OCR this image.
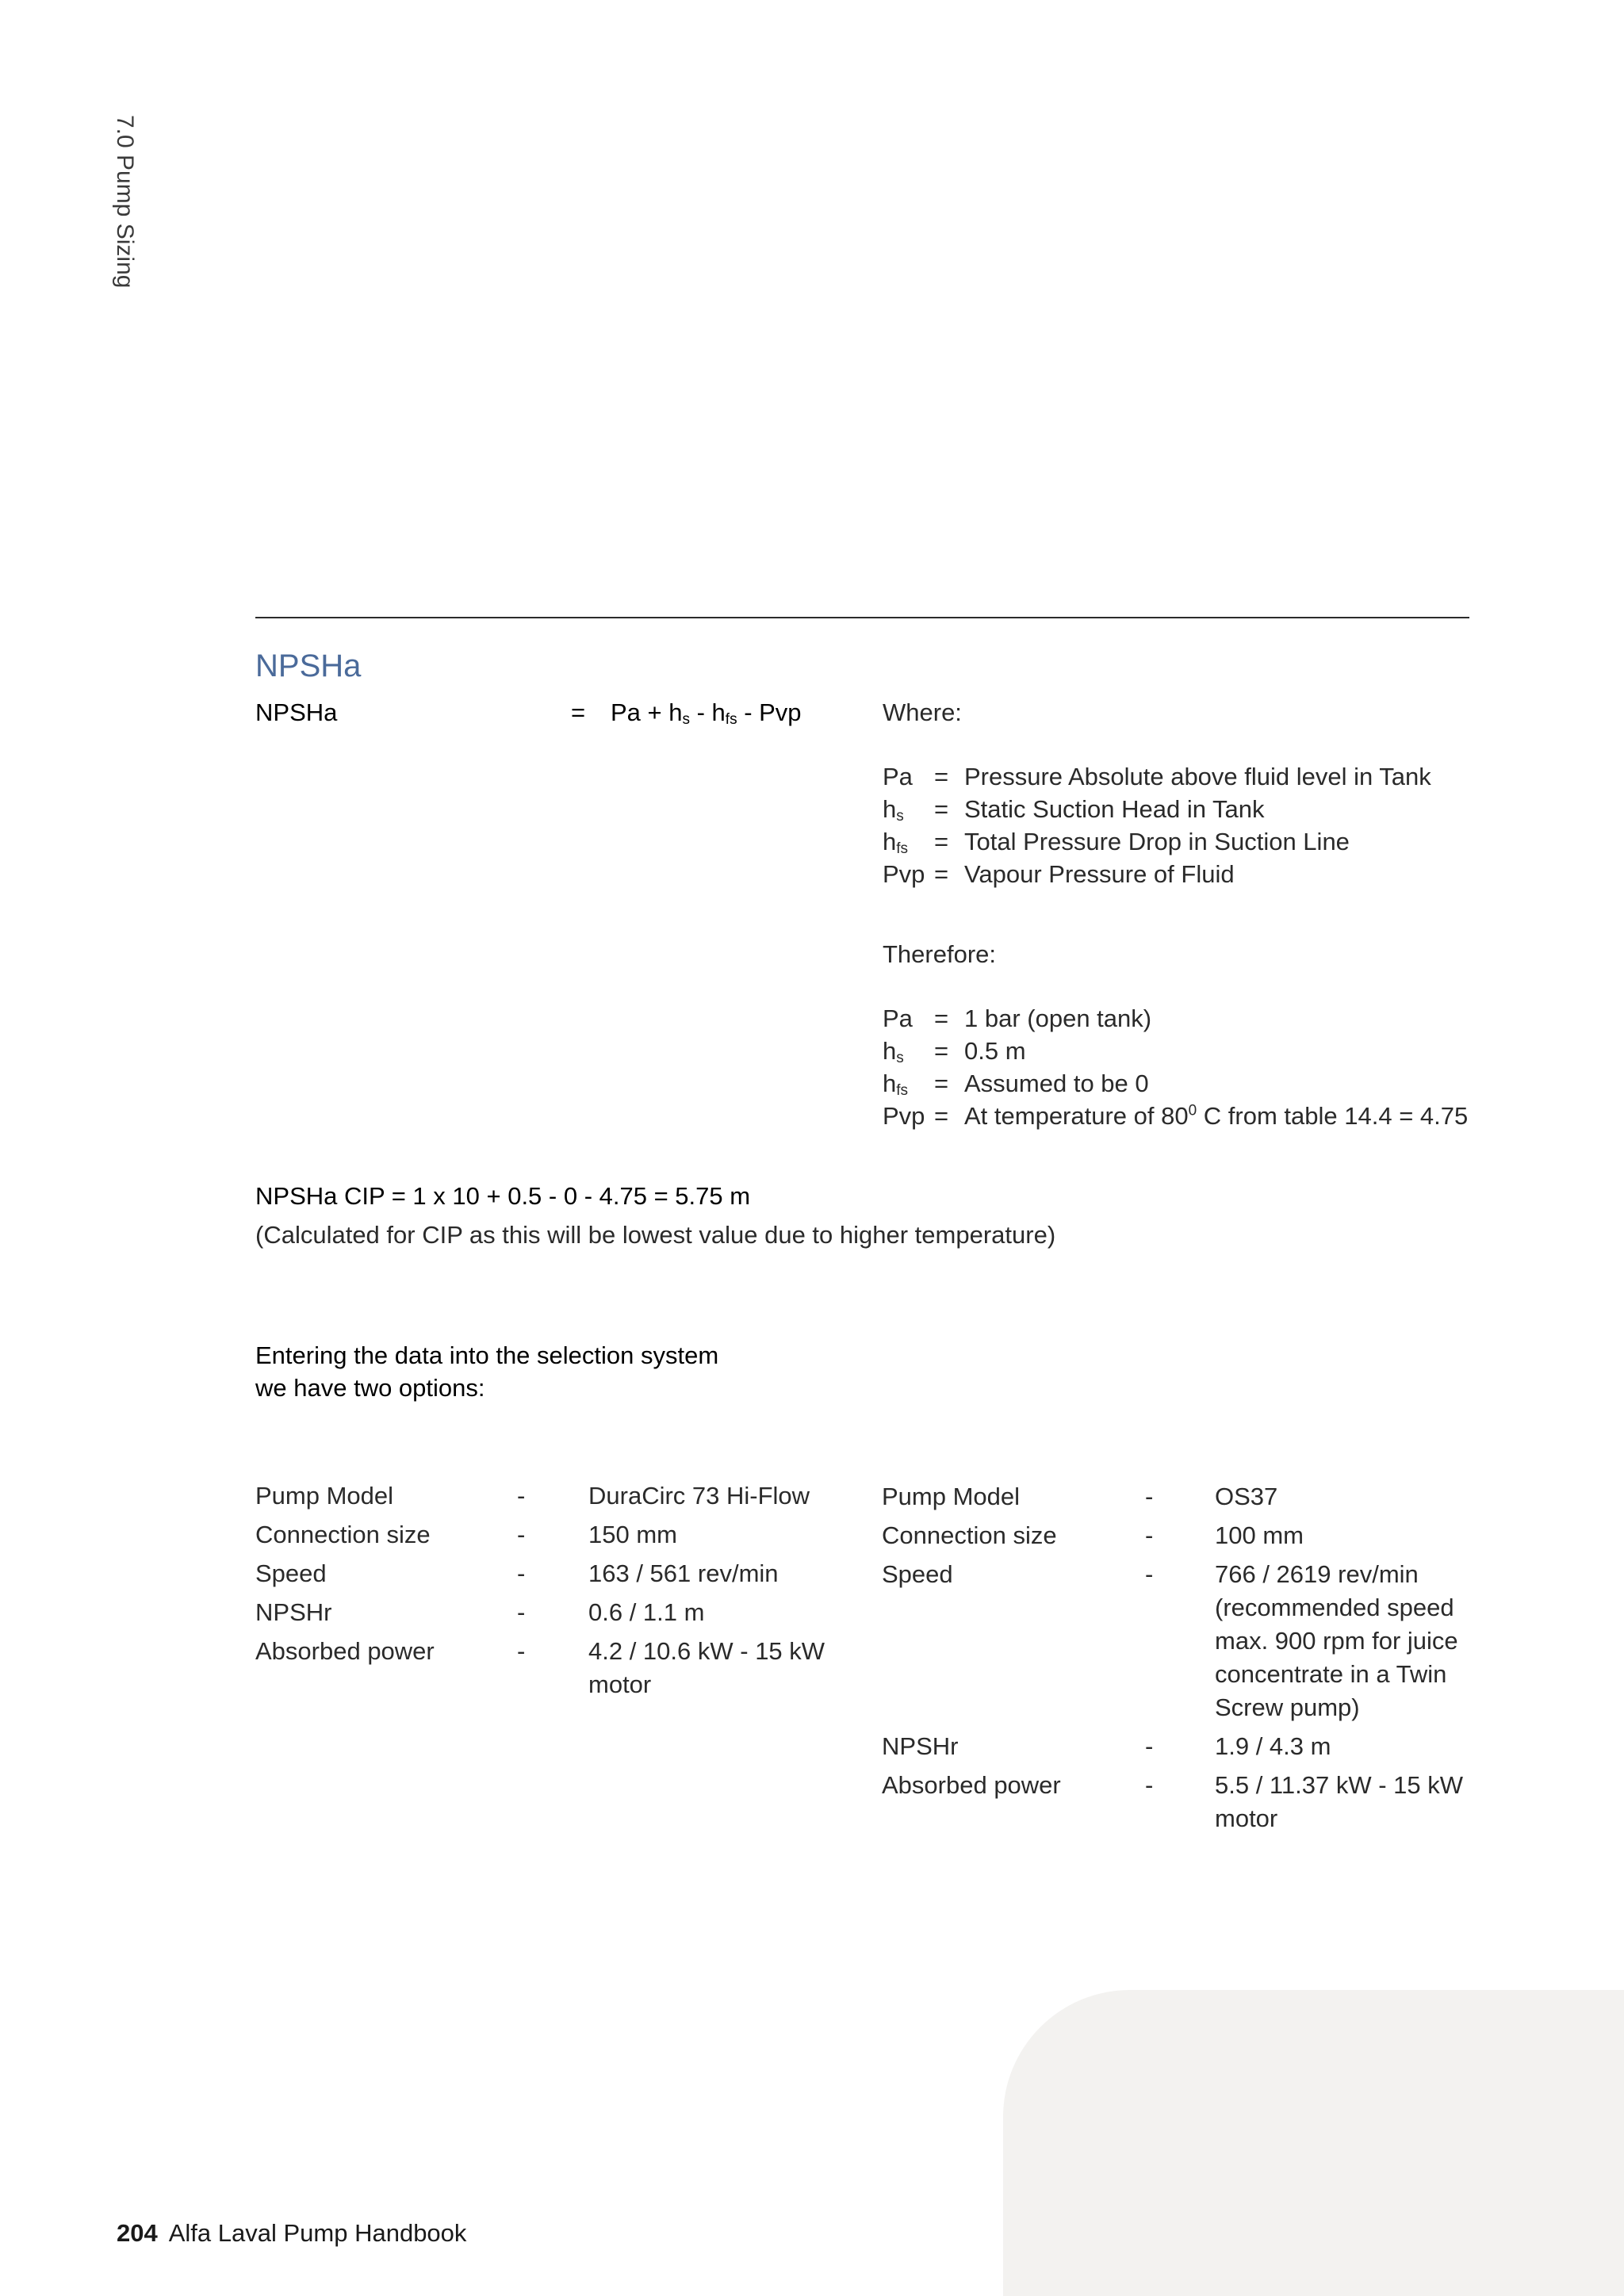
7.0 Pump Sizing
NPSHa
NPSHa	= $Pa + h_s - h_{fs}$ - Pvp	Where:
Pa = Pressure Absolute above fluid level in Tank
$h_s$ = Static Suction Head in Tank
$h_{fs}$ = Total Pressure Drop in Suction Line
Pvp = Vapour Pressure of Fluid
Therefore:
Pa = 1 bar (open tank)
$h_s = 0.5$ m
$h_{fs}$ = Assumed to be 0
Pvp = At temperature of $80^0$ C from table 14.4 = 4.75
NPSHa CIP = 1 x 10 + 0.5 - 0 - 4.75 = 5.75 m
(Calculated for CIP as this will be lowest value due to higher temperature)
Entering the data into the selection system
we have two options:
Pump Model	-	DuraCirc 73 Hi-Flow
Connection size	-	150 mm
Speed	-	163 / 561 rev/min
NPSHr	-	0.6 / 1.1 m
Absorbed power	-	4.2 / 10.6 kW - 15 kW motor
Pump Model	-	OS37
Connection size	-	100 mm
Speed	-	766 / 2619 rev/min (recommended speed max. 900 rpm for juice concentrate in a Twin Screw pump)
NPSHr	-	1.9 / 4.3 m
Absorbed power	-	5.5 / 11.37 kW - 15 kW motor
204 Alfa Laval Pump Handbook
